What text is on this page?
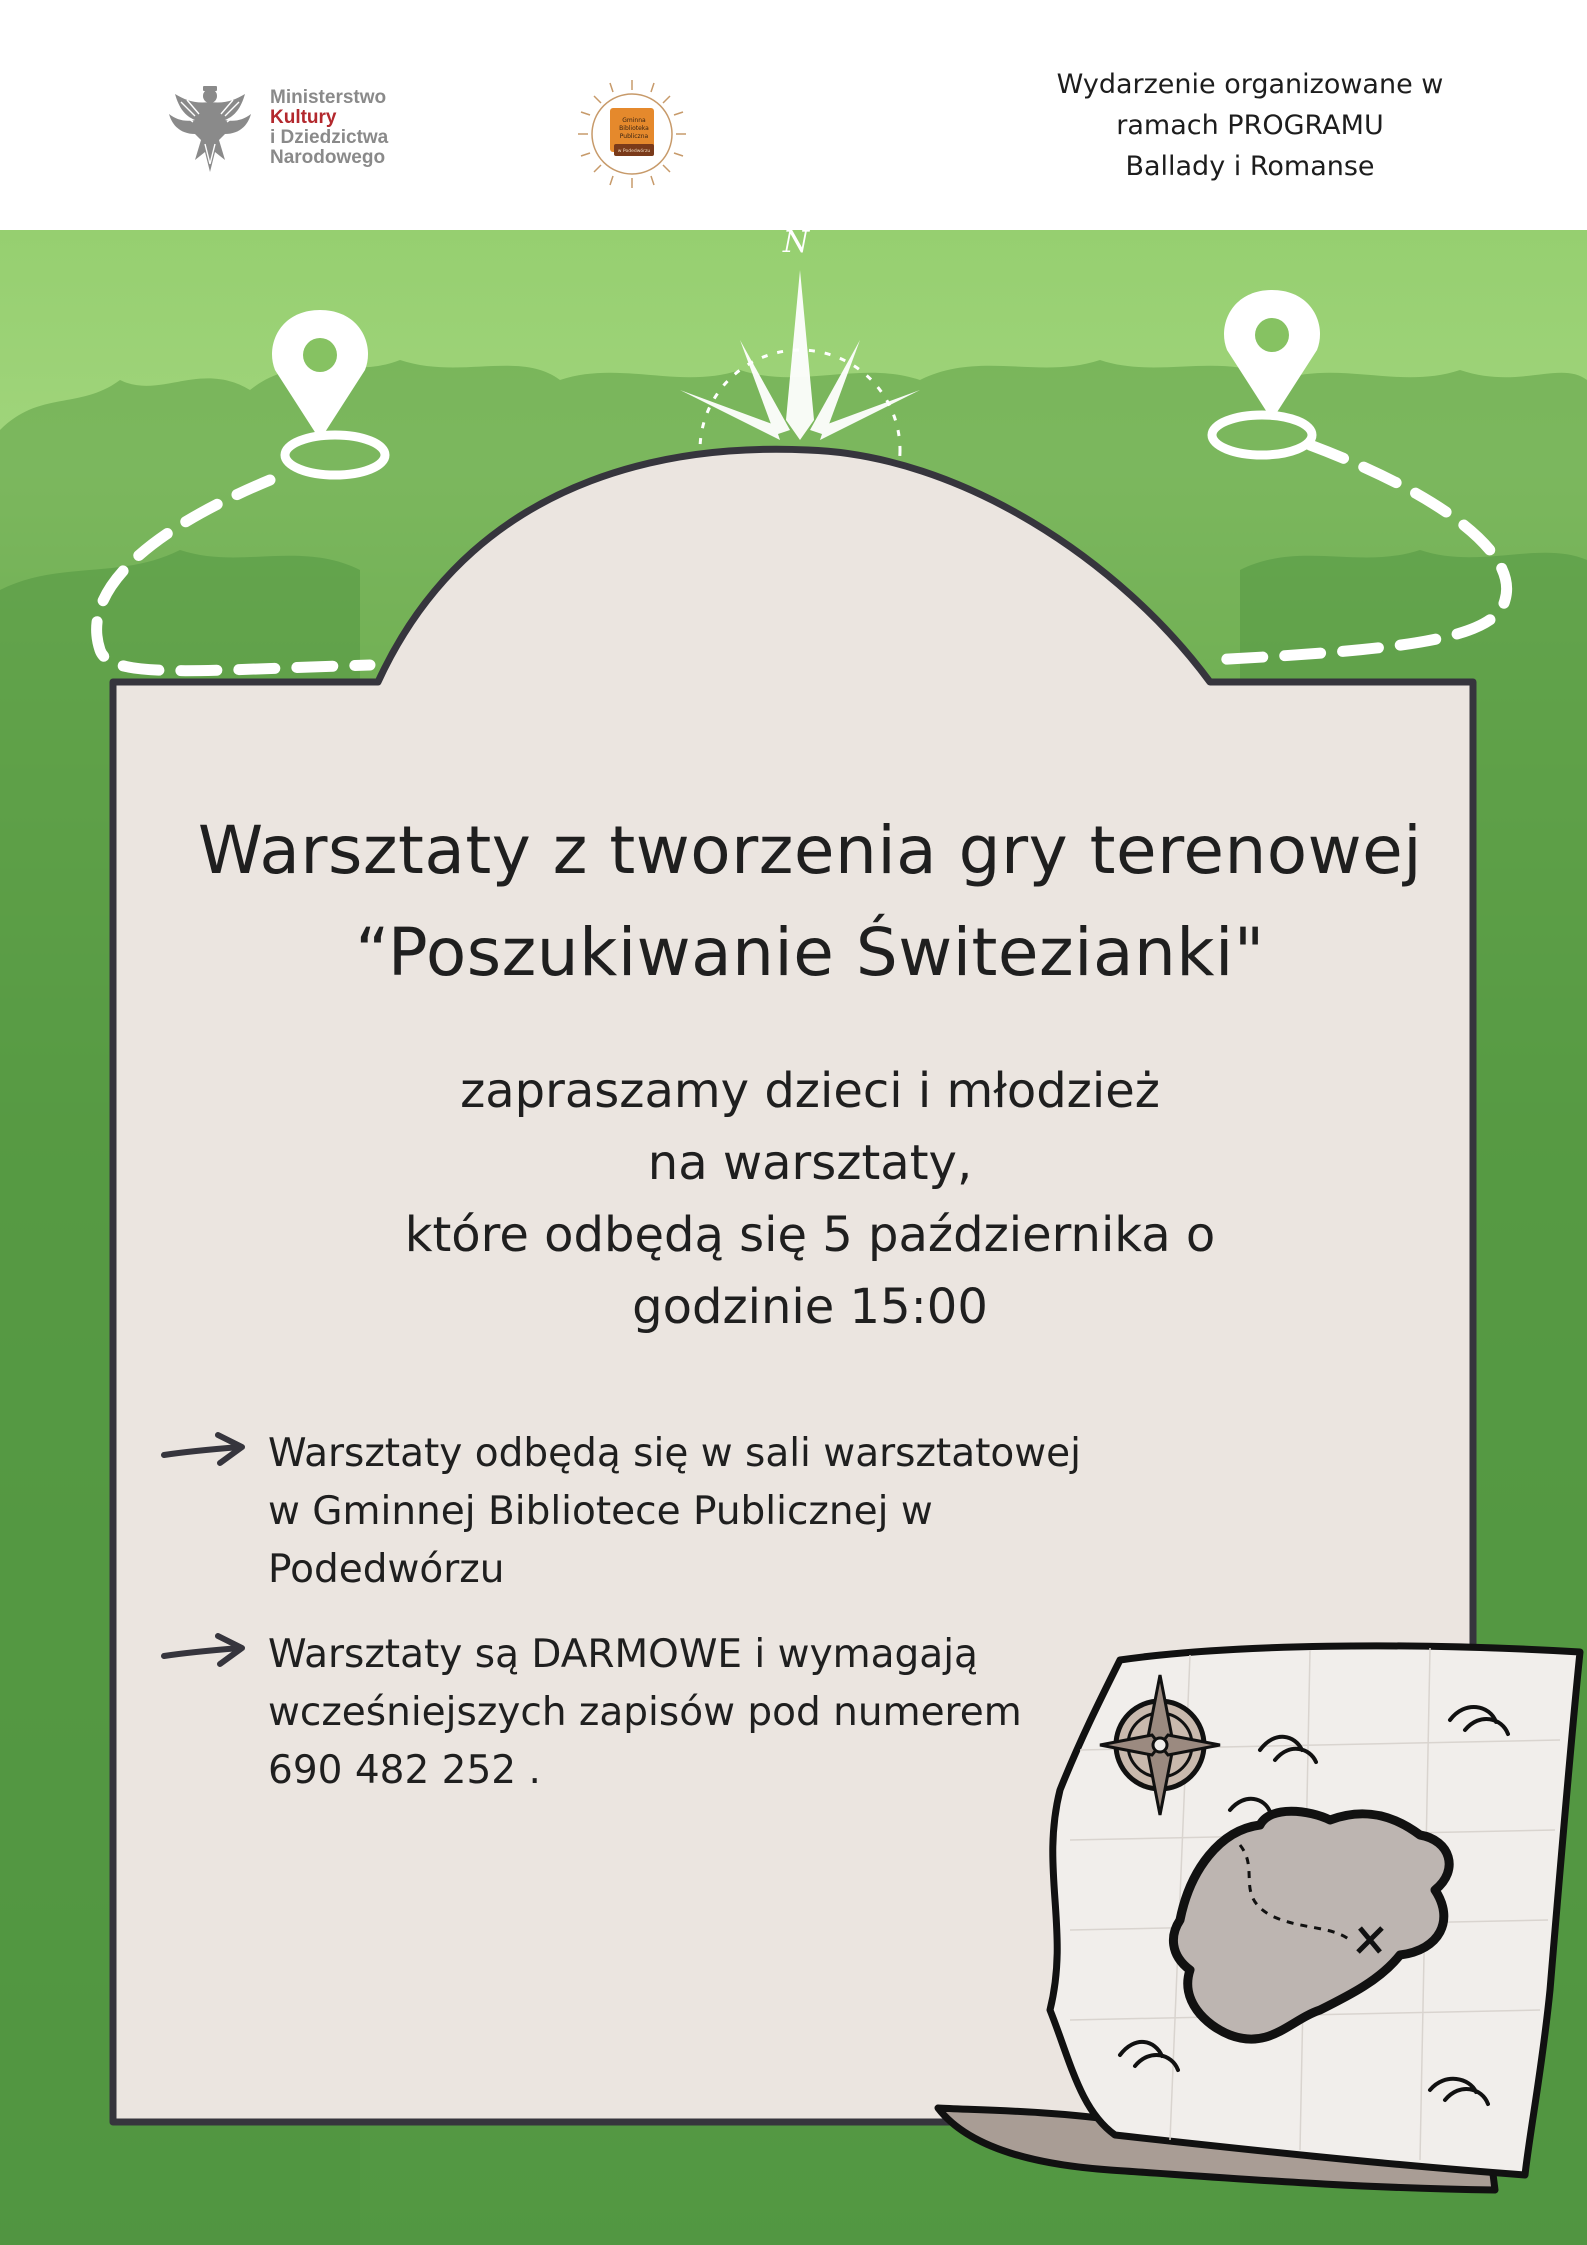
Ministerstwo
Kultury
i Dziedzictwa
Narodowego
Gminna
Biblioteka
Publiczna
w Podedwórzu
Wydarzenie organizowane w
ramach PROGRAMU
Ballady i Romanse
N
Warsztaty z tworzenia gry terenowej
“Poszukiwanie Świtezianki"
zapraszamy dzieci i młodzież
na warsztaty,
które odbędą się 5 października o
godzinie 15:00
Warsztaty odbędą się w sali warsztatowej
w Gminnej Bibliotece Publicznej w
Podedwórzu
Warsztaty są DARMOWE i wymagają
wcześniejszych zapisów pod numerem
690 482 252 .
